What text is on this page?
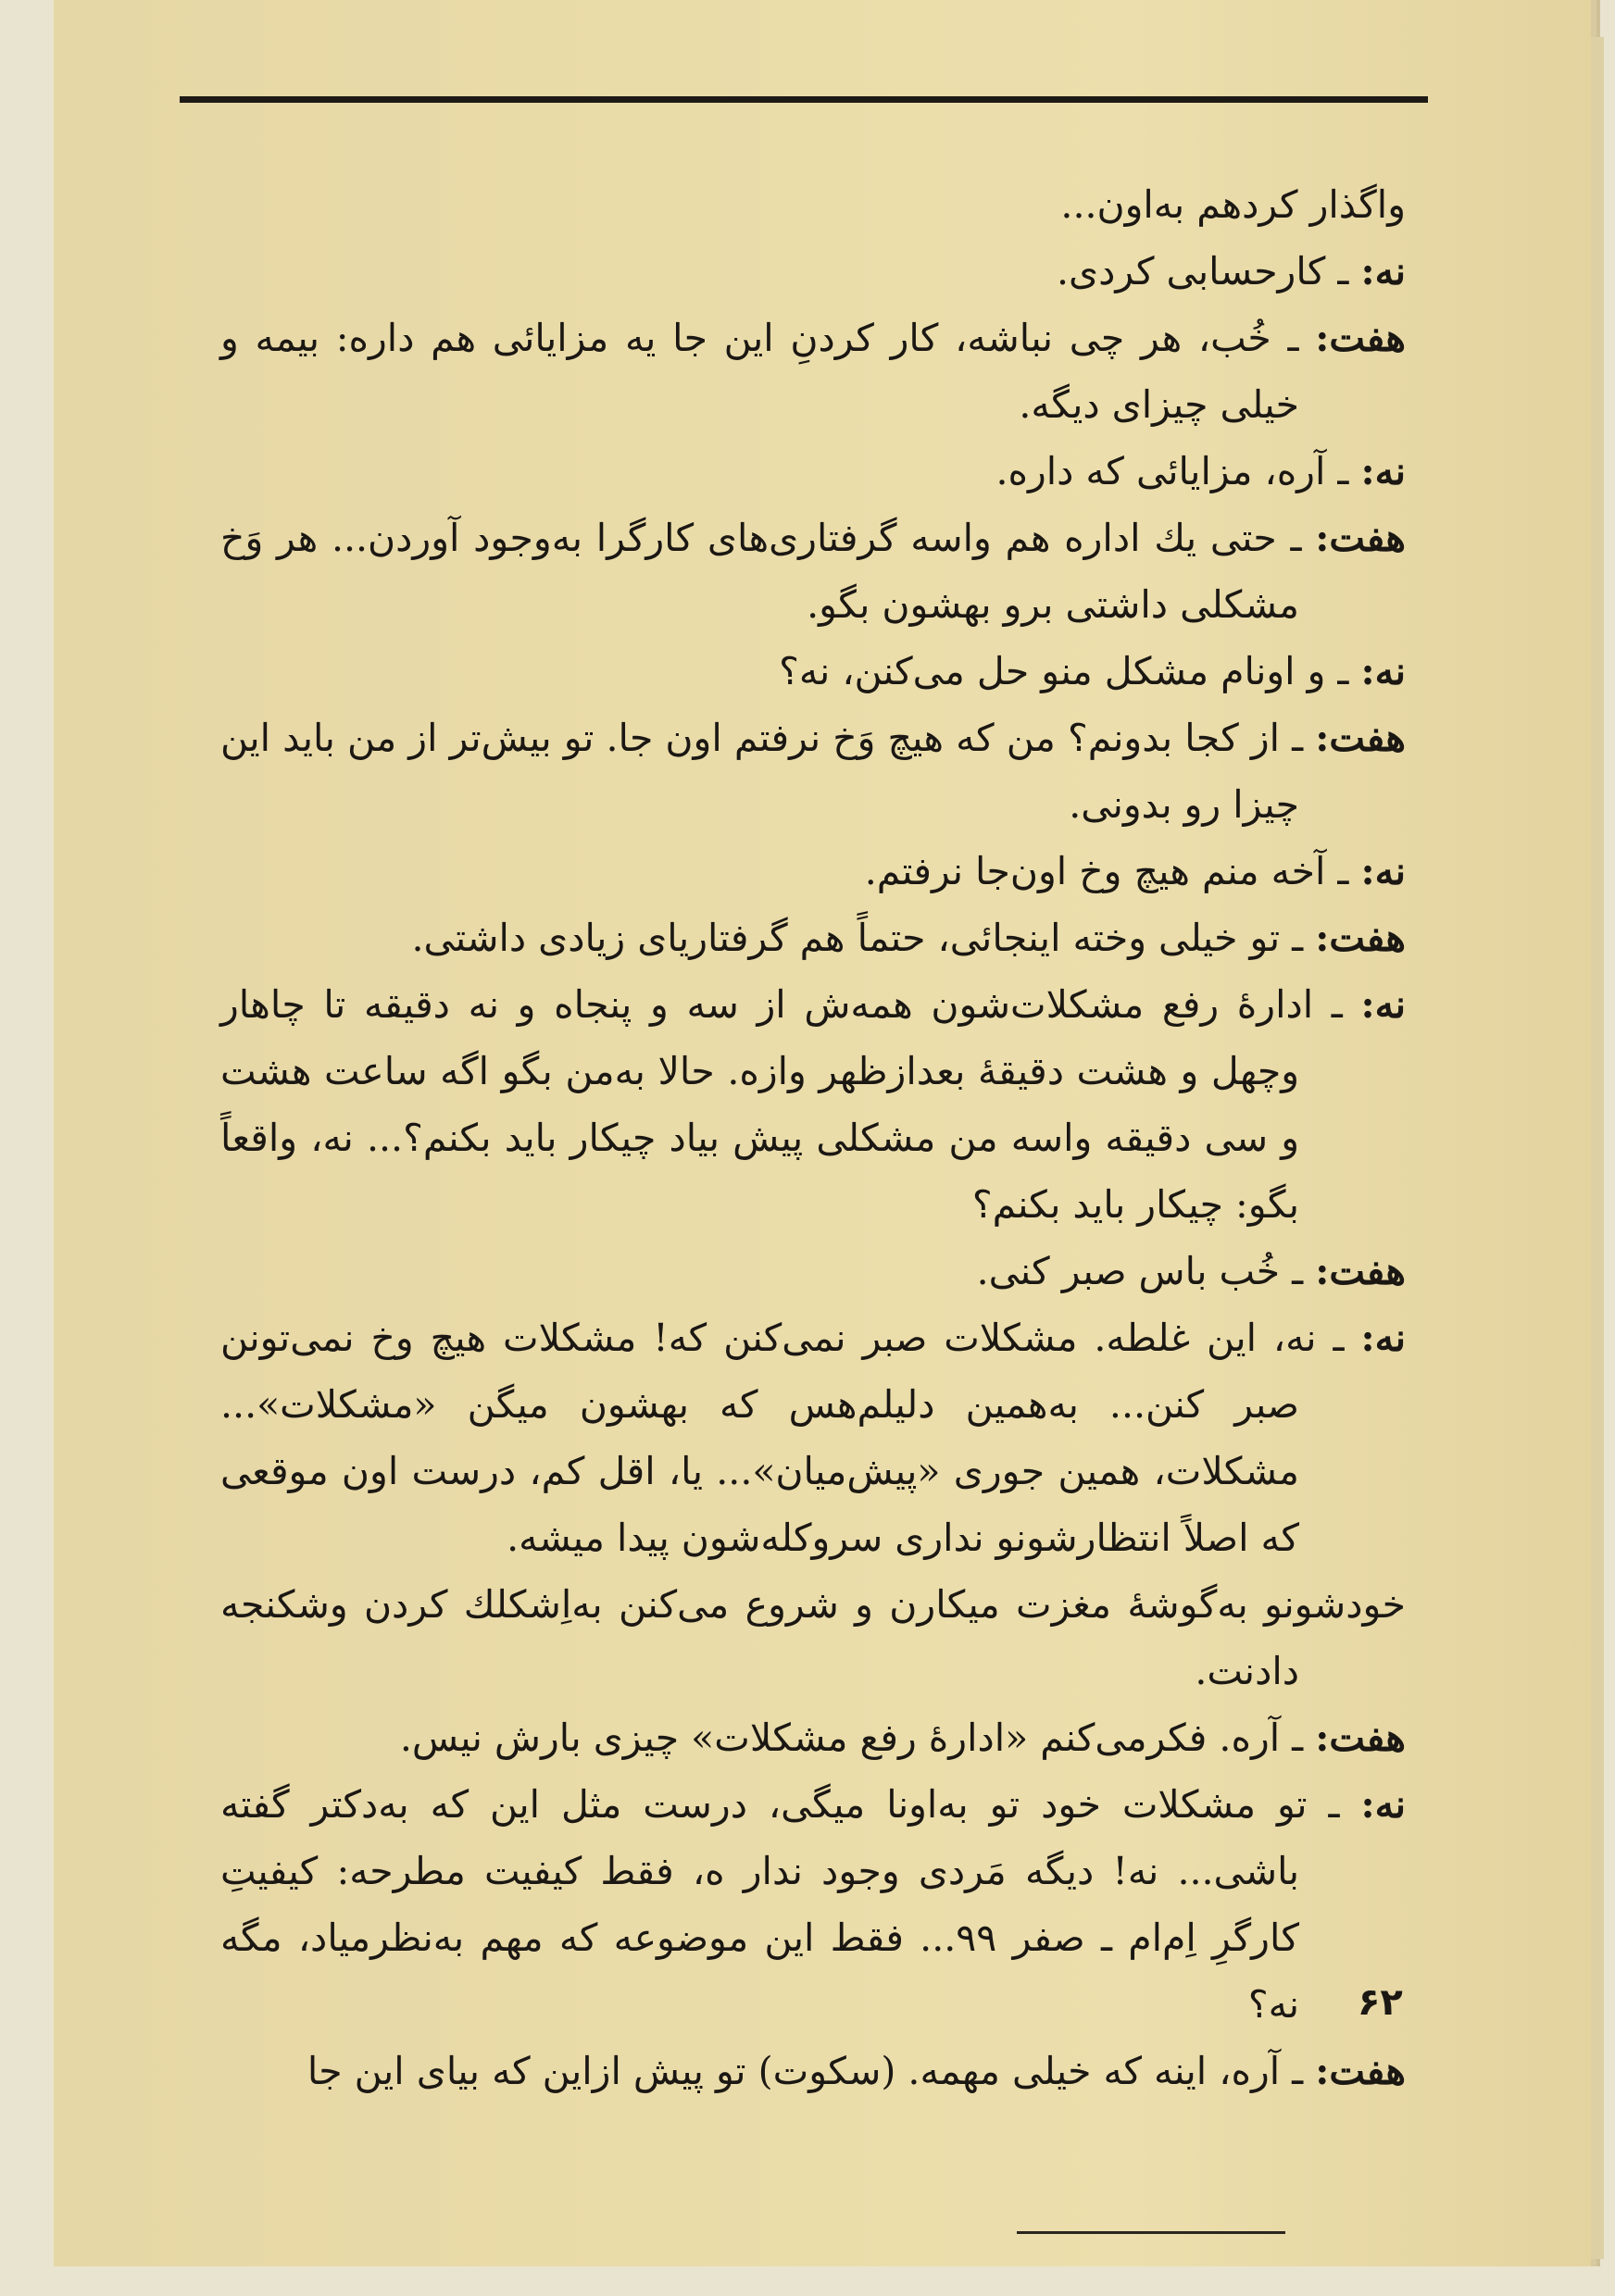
واگذار کردهم به‌اون...

نه: ـ کارحسابی کردی.

هفت: ـ خُب، هر چی نباشه، کار کردنِ این جا یه مزایائی هم داره: بیمه و خیلی چیزای دیگه.

نه: ـ آره، مزایائی که داره.

هفت: ـ حتی یك اداره هم واسه گرفتاری‌های کارگرا به‌وجود آوردن... هر وَخ مشکلی داشتی برو بهشون بگو.

نه: ـ و اونام مشکل منو حل می‌کنن، نه؟

هفت: ـ از کجا بدونم؟ من که هیچ وَخ نرفتم اون جا. تو بیش‌تر از من باید این چیزا رو بدونی.

نه: ـ آخه منم هیچ وخ اون‌جا نرفتم.

هفت: ـ تو خیلی وخته اینجائی، حتماً هم گرفتاریای زیادی داشتی.

نه: ـ ادارهٔ رفع مشکلات‌شون همه‌ش از سه و پنجاه و نه دقیقه تا چاهار وچهل و هشت دقیقهٔ بعدازظهر وازه. حالا به‌من بگو اگه ساعت هشت و سی دقیقه واسه من مشکلی پیش بیاد چیکار باید بکنم؟... نه، واقعاً بگو: چیکار باید بکنم؟

هفت: ـ خُب باس صبر کنی.

نه: ـ نه، این غلطه. مشکلات صبر نمی‌کنن که! مشکلات هیچ وخ نمی‌تونن صبر کنن... به‌همین دلیلم‌هس که بهشون میگن «مشکلات»... مشکلات، همین جوری «پیش‌میان»... یا، اقل کم، درست اون موقعی که اصلاً انتظارشونو نداری سروکله‌شون پیدا میشه.

خودشونو به‌گوشهٔ مغزت میکارن و شروع می‌کنن به‌اِشکلك کردن وشکنجه دادنت.

هفت: ـ آره. فکرمی‌کنم «ادارهٔ رفع مشکلات» چیزی بارش نیس.

نه: ـ تو مشکلات خود تو به‌اونا میگی، درست مثل این که به‌دکتر گفته باشی... نه! دیگه مَردی وجود ندار ه، فقط کیفیت مطرحه: کیفیتِ کارگرِ اِم‌ام ـ صفر ۹۹... فقط این موضوعه که مهم به‌نظرمیاد، مگه نه؟

هفت: ـ آره، اینه که خیلی مهمه. (سکوت) تو پیش ازاین که بیای این جا

۶۲
